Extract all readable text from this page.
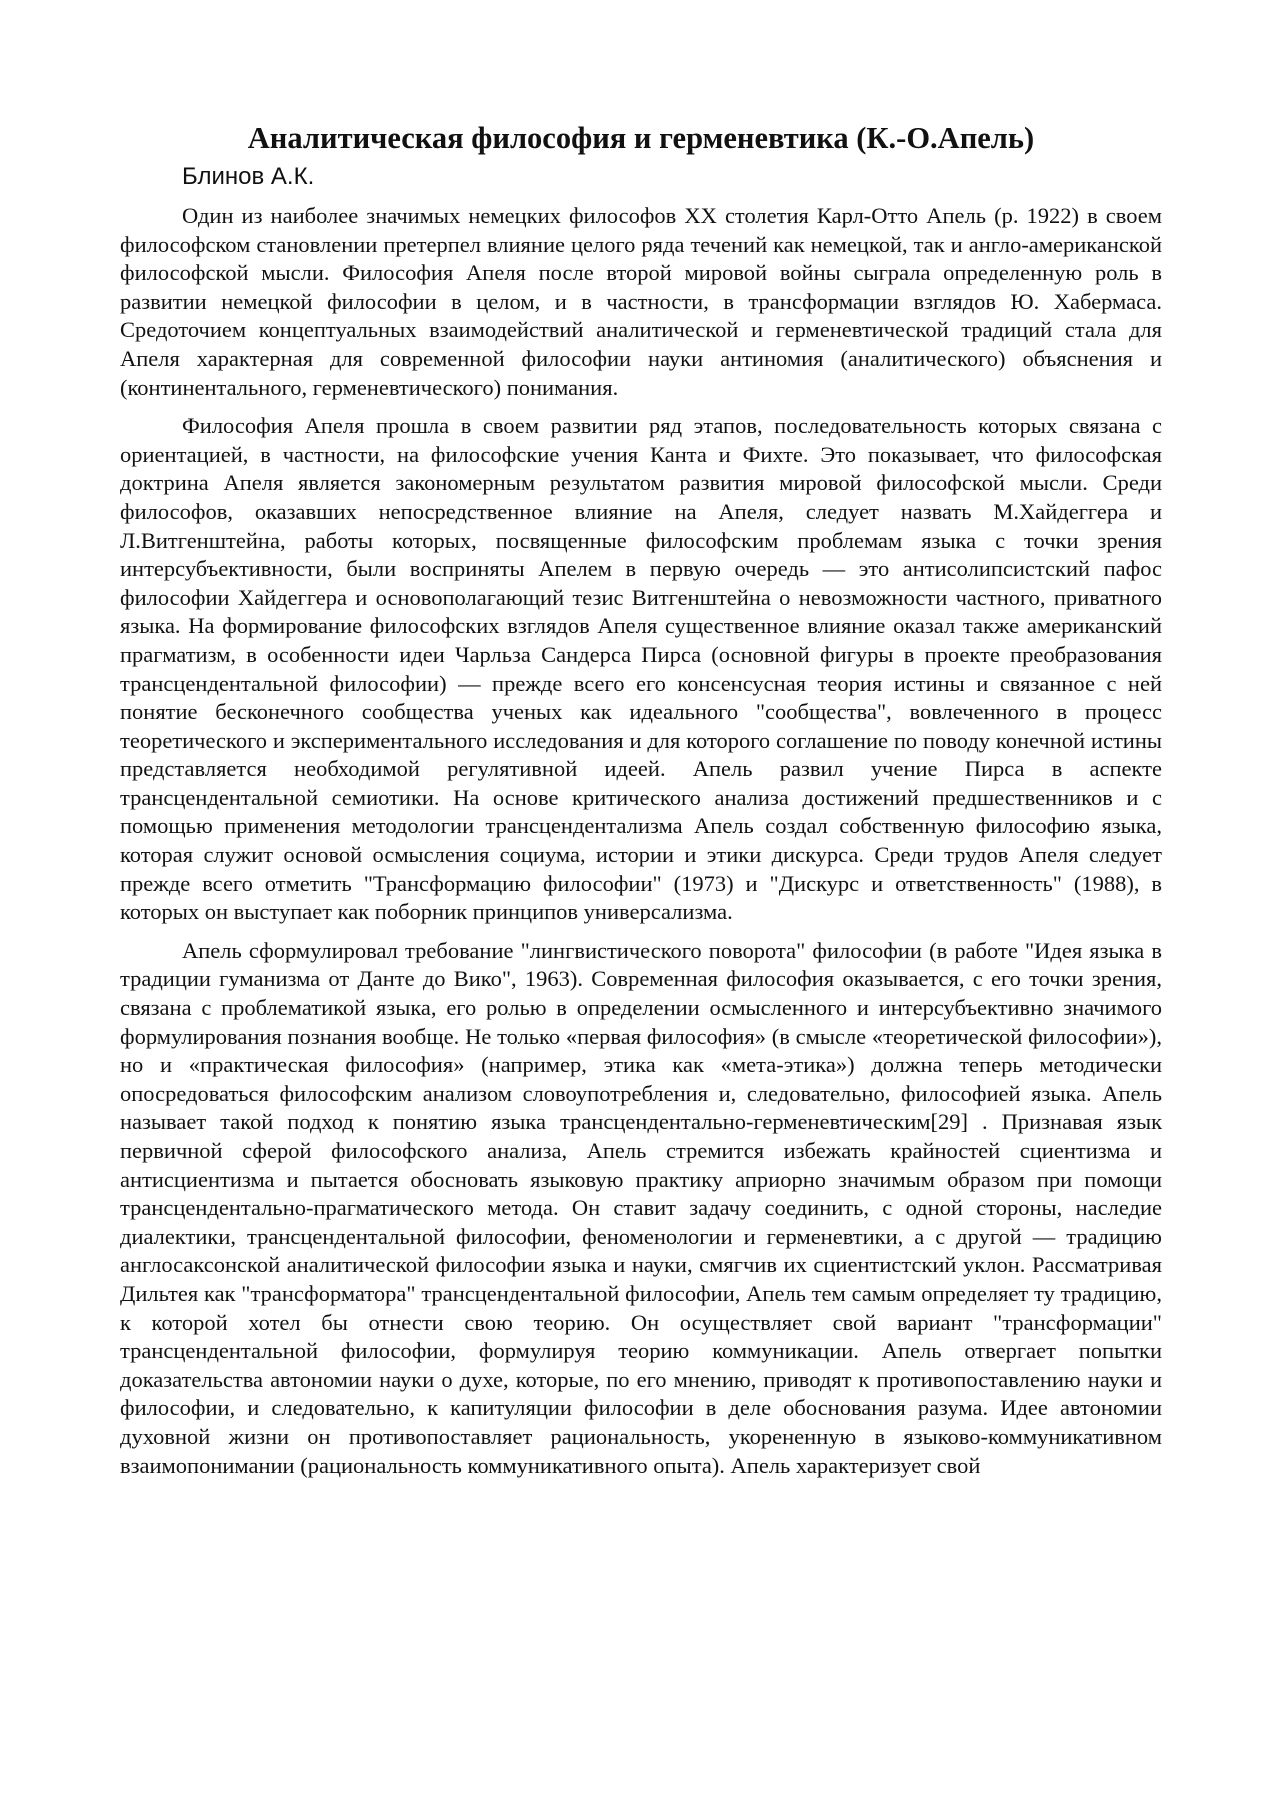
Аналитическая философия и герменевтика (К.-О.Апель)
Блинов А.К.

Один из наиболее значимых немецких философов XX столетия Карл-Отто Апель (р. 1922) в своем философском становлении претерпел влияние целого ряда течений как немецкой, так и англо-американской философской мысли. Философия Апеля после второй мировой войны сыграла определенную роль в развитии немецкой философии в целом, и в частности, в трансформации взглядов Ю. Хабермаса. Средоточием концептуальных взаимодействий аналитической и герменевтической традиций стала для Апеля характерная для современной философии науки антиномия (аналитического) объяснения и (континентального, герменевтического) понимания.

Философия Апеля прошла в своем развитии ряд этапов, последовательность которых связана с ориентацией, в частности, на философские учения Канта и Фихте. Это показывает, что философская доктрина Апеля является закономерным результатом развития мировой философской мысли. Среди философов, оказавших непосредственное влияние на Апеля, следует назвать М.Хайдеггера и Л.Витгенштейна, работы которых, посвященные философским проблемам языка с точки зрения интерсубъективности, были восприняты Апелем в первую очередь — это антисолипсистский пафос философии Хайдеггера и основополагающий тезис Витгенштейна о невозможности частного, приватного языка. На формирование философских взглядов Апеля существенное влияние оказал также американский прагматизм, в особенности идеи Чарльза Сандерса Пирса (основной фигуры в проекте преобразования трансцендентальной философии) — прежде всего его консенсусная теория истины и связанное с ней понятие бесконечного сообщества ученых как идеального "сообщества", вовлеченного в процесс теоретического и экспериментального исследования и для которого соглашение по поводу конечной истины представляется необходимой регулятивной идеей. Апель развил учение Пирса в аспекте трансцендентальной семиотики. На основе критического анализа достижений предшественников и с помощью применения методологии трансцендентализма Апель создал собственную философию языка, которая служит основой осмысления социума, истории и этики дискурса. Среди трудов Апеля следует прежде всего отметить "Трансформацию философии" (1973) и "Дискурс и ответственность" (1988), в которых он выступает как поборник принципов универсализма.

Апель сформулировал требование "лингвистического поворота" философии (в работе "Идея языка в традиции гуманизма от Данте до Вико", 1963). Современная философия оказывается, с его точки зрения, связана с проблематикой языка, его ролью в определении осмысленного и интерсубъективно значимого формулирования познания вообще. Не только «первая философия» (в смысле «теоретической философии»), но и «практическая философия» (например, этика как «мета-этика») должна теперь методически опосредоваться философским анализом словоупотребления и, следовательно, философией языка. Апель называет такой подход к понятию языка трансцендентально-герменевтическим[29] . Признавая язык первичной сферой философского анализа, Апель стремится избежать крайностей сциентизма и антисциентизма и пытается обосновать языковую практику априорно значимым образом при помощи трансцендентально-прагматического метода. Он ставит задачу соединить, с одной стороны, наследие диалектики, трансцендентальной философии, феноменологии и герменевтики, а с другой — традицию англосаксонской аналитической философии языка и науки, смягчив их сциентистский уклон. Рассматривая Дильтея как "трансформатора" трансцендентальной философии, Апель тем самым определяет ту традицию, к которой хотел бы отнести свою теорию. Он осуществляет свой вариант "трансформации" трансцендентальной философии, формулируя теорию коммуникации. Апель отвергает попытки доказательства автономии науки о духе, которые, по его мнению, приводят к противопоставлению науки и философии, и следовательно, к капитуляции философии в деле обоснования разума. Идее автономии духовной жизни он противопоставляет рациональность, укорененную в языково-коммуникативном взаимопонимании (рациональность коммуникативного опыта). Апель характеризует свой
